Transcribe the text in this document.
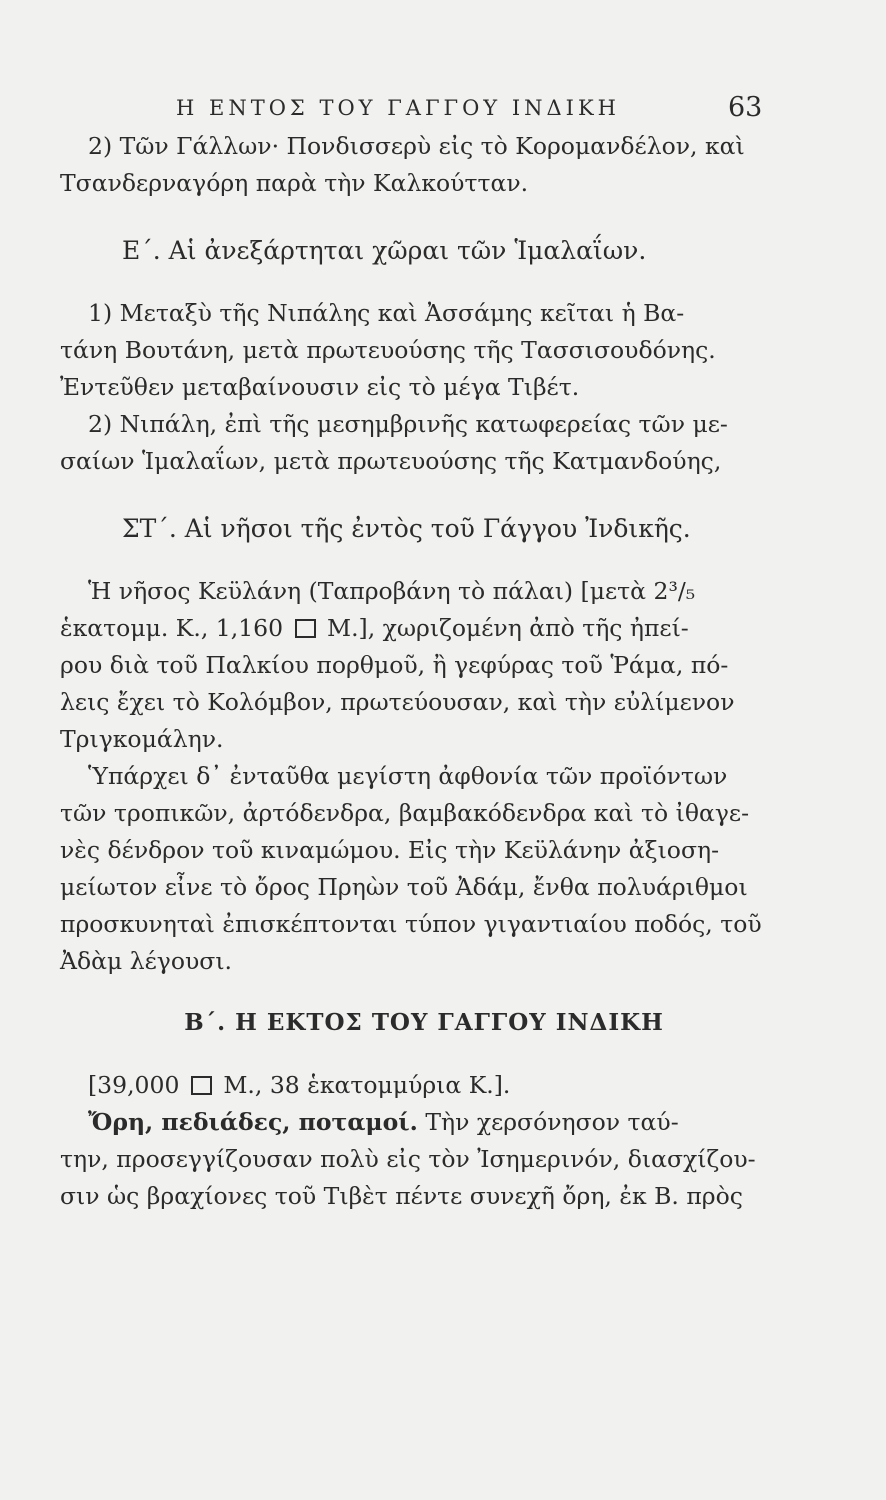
Η ΕΝΤΟΣ ΤΟΥ ΓΑΓΓΟΥ ΙΝΔΙΚΗ	63
2) Τῶν Γάλλων· Πονδισσερὺ εἰς τὸ Κορομανδέλον, καὶ
Τσανδερναγόρη παρὰ τὴν Καλκούτταν.
Ε΄. Αἱ ἀνεξάρτηται χῶραι τῶν Ἱμαλαΐων.
1) Μεταξὺ τῆς Νιπάλης καὶ Ἀσσάμης κεῖται ἡ Βα-
τάνη Βουτάνη, μετὰ πρωτευούσης τῆς Τασσισουδόνης.
Ἐντεῦθεν μεταβαίνουσιν εἰς τὸ μέγα Τιβέτ.
2) Νιπάλη, ἐπὶ τῆς μεσημβρινῆς κατωφερείας τῶν με-
σαίων Ἱμαλαΐων, μετὰ πρωτευούσης τῆς Κατμανδούης,
ΣΤ΄. Αἱ νῆσοι τῆς ἐντὸς τοῦ Γάγγου Ἰνδικῆς.
Ἡ νῆσος Κεϋλάνη (Ταπροβάνη τὸ πάλαι) [μετὰ 2³/₅
ἑκατομμ. Κ., 1,160 Μ.], χωριζομένη ἀπὸ τῆς ἠπεί-
ρου διὰ τοῦ Παλκίου πορθμοῦ, ἢ γεφύρας τοῦ Ῥάμα, πό-
λεις ἔχει τὸ Κολόμβον, πρωτεύουσαν, καὶ τὴν εὐλίμενον
Τριγκομάλην.
Ὑπάρχει δ᾽ ἐνταῦθα μεγίστη ἀφθονία τῶν προϊόντων
τῶν τροπικῶν, ἀρτόδενδρα, βαμβακόδενδρα καὶ τὸ ἰθαγε-
νὲς δένδρον τοῦ κιναμώμου. Εἰς τὴν Κεϋλάνην ἀξιοση-
μείωτον εἶνε τὸ ὄρος Πρηὼν τοῦ Ἀδάμ, ἔνθα πολυάριθμοι
προσκυνηταὶ ἐπισκέπτονται τύπον γιγαντιαίου ποδός, τοῦ
Ἀδὰμ λέγουσι.
Β΄. Η ΕΚΤΟΣ ΤΟΥ ΓΑΓΓΟΥ ΙΝΔΙΚΗ
[39,000 Μ., 38 ἑκατομμύρια Κ.].
Ὄρη, πεδιάδες, ποταμοί. Τὴν χερσόνησον ταύ-
την, προσεγγίζουσαν πολὺ εἰς τὸν Ἰσημερινόν, διασχίζου-
σιν ὡς βραχίονες τοῦ Τιβὲτ πέντε συνεχῆ ὄρη, ἐκ Β. πρὸς
